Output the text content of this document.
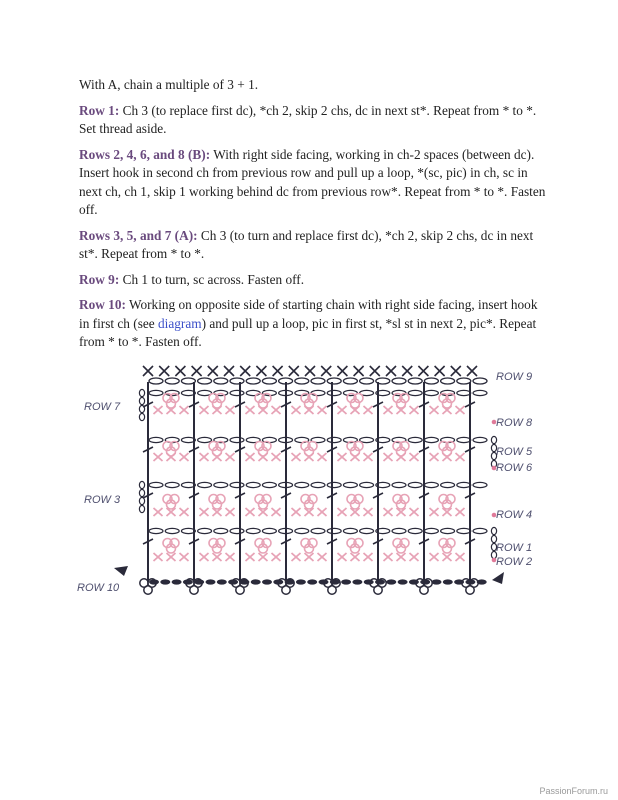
With A, chain a multiple of 3 + 1.

Row 1: Ch 3 (to replace first dc), *ch 2, skip 2 chs, dc in next st*. Repeat from * to *. Set thread aside.

Rows 2, 4, 6, and 8 (B): With right side facing, working in ch-2 spaces (between dc). Insert hook in second ch from previous row and pull up a loop, *(sc, pic) in ch, sc in next ch, ch 1, skip 1 working behind dc from previous row*. Repeat from * to *. Fasten off.

Rows 3, 5, and 7 (A): Ch 3 (to turn and replace first dc), *ch 2, skip 2 chs, dc in next st*. Repeat from * to *.

Row 9: Ch 1 to turn, sc across. Fasten off.

Row 10: Working on opposite side of starting chain with right side facing, insert hook in first ch (see diagram) and pull up a loop, pic in first st, *sl st in next 2, pic*. Repeat from * to *. Fasten off.

ROW 7
ROW 3
ROW 10
ROW 9
ROW 8
ROW 5
ROW 6
ROW 4
ROW 1
ROW 2
PassionForum.ru
